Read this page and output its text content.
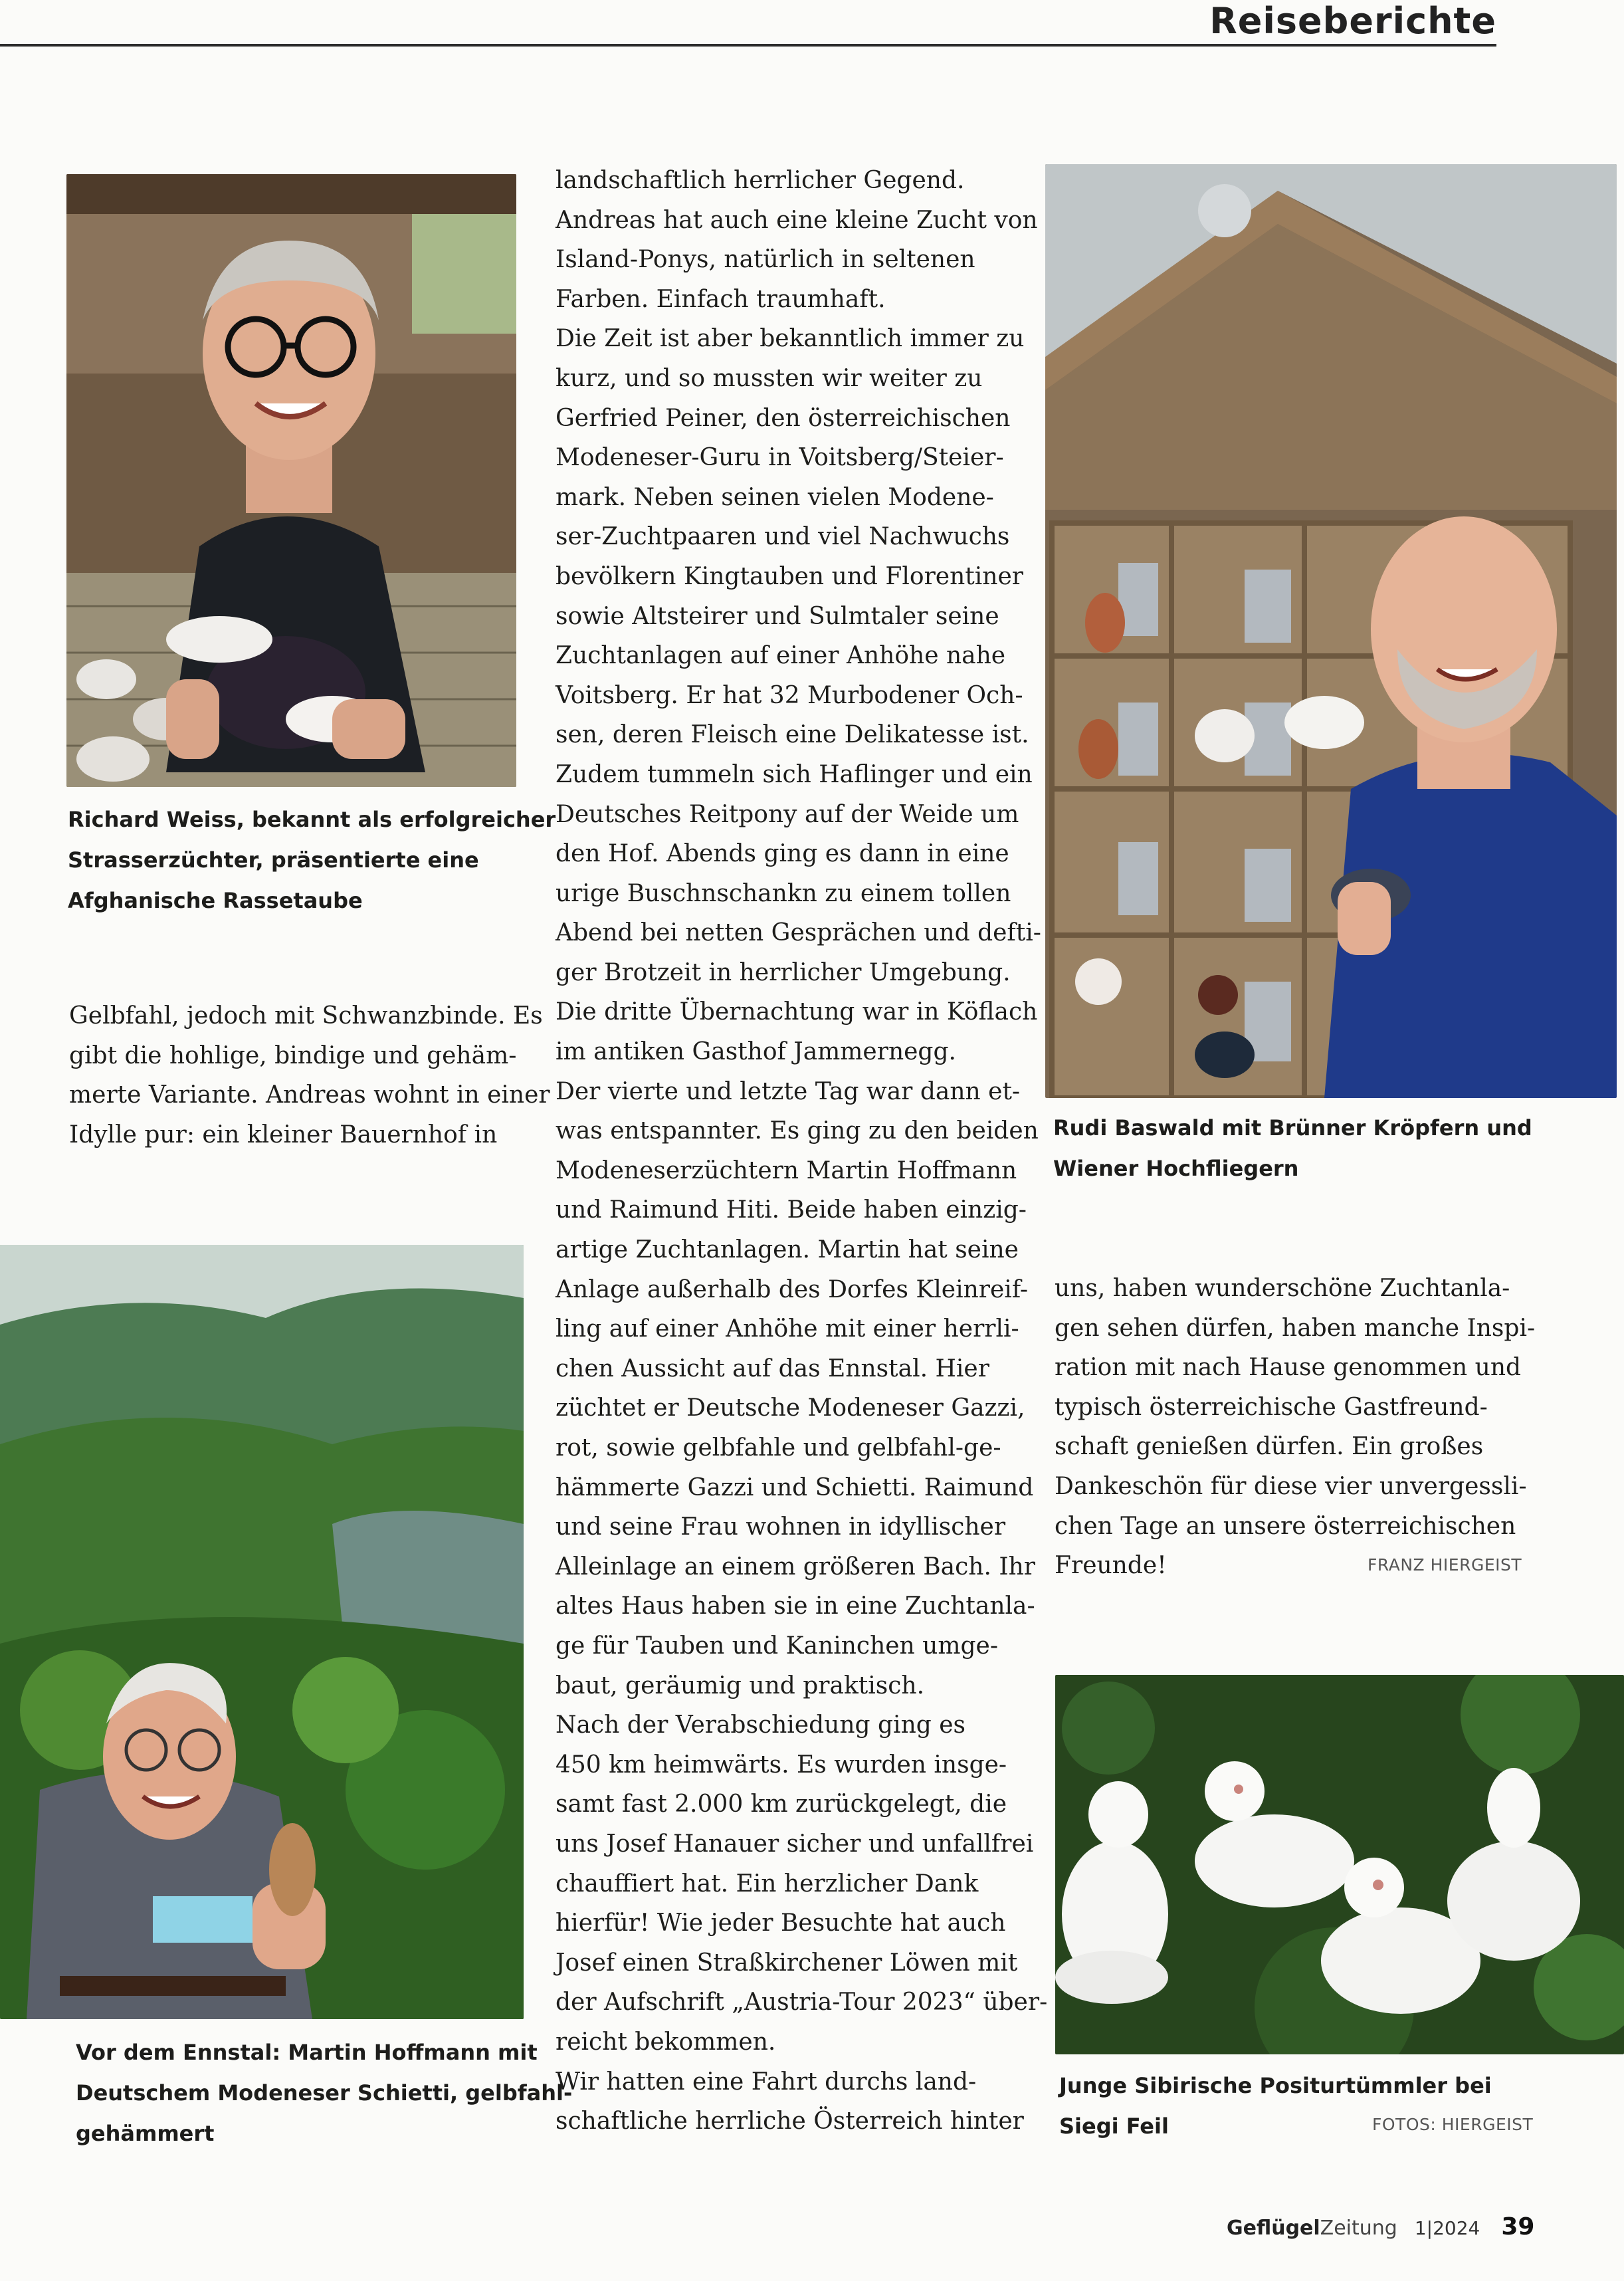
Reiseberichte
Richard Weiss, bekannt als erfolgreicher
Strasserzüchter, präsentierte eine
Afghanische Rassetaube
Gelbfahl, jedoch mit Schwanzbinde. Es
gibt die hohlige, bindige und gehäm-
merte Variante. Andreas wohnt in einer
Idylle pur: ein kleiner Bauernhof in
Vor dem Ennstal: Martin Hoffmann mit
Deutschem Modeneser Schietti, gelbfahl-
gehämmert
landschaftlich herrlicher Gegend.
Andreas hat auch eine kleine Zucht von
Island-Ponys, natürlich in seltenen
Farben. Einfach traumhaft.
Die Zeit ist aber bekanntlich immer zu
kurz, und so mussten wir weiter zu
Gerfried Peiner, den österreichischen
Modeneser-Guru in Voitsberg/Steier-
mark. Neben seinen vielen Modene-
ser-Zuchtpaaren und viel Nachwuchs
bevölkern Kingtauben und Florentiner
sowie Altsteirer und Sulmtaler seine
Zuchtanlagen auf einer Anhöhe nahe
Voitsberg. Er hat 32 Murbodener Och-
sen, deren Fleisch eine Delikatesse ist.
Zudem tummeln sich Haflinger und ein
Deutsches Reitpony auf der Weide um
den Hof. Abends ging es dann in eine
urige Buschnschankn zu einem tollen
Abend bei netten Gesprächen und defti-
ger Brotzeit in herrlicher Umgebung.
Die dritte Übernachtung war in Köflach
im antiken Gasthof Jammernegg.
Der vierte und letzte Tag war dann et-
was entspannter. Es ging zu den beiden
Modeneserzüchtern Martin Hoffmann
und Raimund Hiti. Beide haben einzig-
artige Zuchtanlagen. Martin hat seine
Anlage außerhalb des Dorfes Kleinreif-
ling auf einer Anhöhe mit einer herrli-
chen Aussicht auf das Ennstal. Hier
züchtet er Deutsche Modeneser Gazzi,
rot, sowie gelbfahle und gelbfahl-ge-
hämmerte Gazzi und Schietti. Raimund
und seine Frau wohnen in idyllischer
Alleinlage an einem größeren Bach. Ihr
altes Haus haben sie in eine Zuchtanla-
ge für Tauben und Kaninchen umge-
baut, geräumig und praktisch.
Nach der Verabschiedung ging es
450 km heimwärts. Es wurden insge-
samt fast 2.000 km zurückgelegt, die
uns Josef Hanauer sicher und unfallfrei
chauffiert hat. Ein herzlicher Dank
hierfür! Wie jeder Besuchte hat auch
Josef einen Straßkirchener Löwen mit
der Aufschrift „Austria-Tour 2023“ über-
reicht bekommen.
Wir hatten eine Fahrt durchs land-
schaftliche herrliche Österreich hinter
Rudi Baswald mit Brünner Kröpfern und
Wiener Hochfliegern
uns, haben wunderschöne Zuchtanla-
gen sehen dürfen, haben manche Inspi-
ration mit nach Hause genommen und
typisch österreichische Gastfreund-
schaft genießen dürfen. Ein großes
Dankeschön für diese vier unvergessli-
chen Tage an unsere österreichischen
Freunde!	FRANZ HIERGEIST
Junge Sibirische Positurtümmler bei
Siegi Feil	FOTOS: HIERGEIST
GeflügelZeitung 1|2024 39
